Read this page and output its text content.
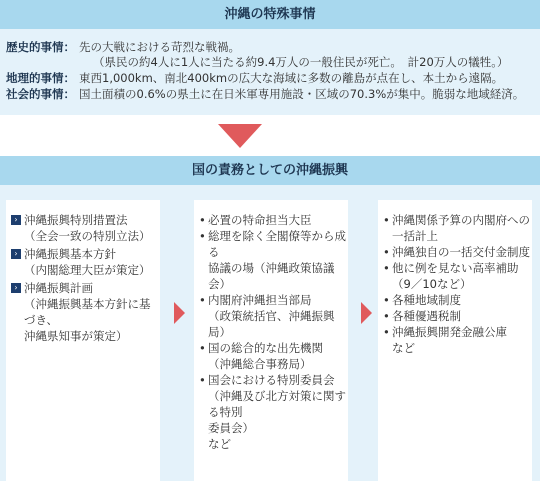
沖縄の特殊事情
歴史的事情： 先の大戦における苛烈な戦禍。
（県民の約4人に1人に当たる約9.4万人の一般住民が死亡。　計20万人の犠牲。）
地理的事情： 東西1,000km、南北400kmの広大な海域に多数の離島が点在し、本土から遠隔。
社会的事情： 国土面積の0.6%の県土に在日米軍専用施設・区域の70.3%が集中。脆弱な地域経済。
国の責務としての沖縄振興
› 沖縄振興特別措置法
（全会一致の特別立法）
› 沖縄振興基本方針
（内閣総理大臣が策定）
› 沖縄振興計画
（沖縄振興基本方針に基
づき、
沖縄県知事が策定）
• 必置の特命担当大臣
• 総理を除く全閣僚等から成
る
協議の場（沖縄政策協議
会）
• 内閣府沖縄担当部局
（政策統括官、沖縄振興
局）
• 国の総合的な出先機関
（沖縄総合事務局）
• 国会における特別委員会
（沖縄及び北方対策に関す
る特別
委員会）
など
• 沖縄関係予算の内閣府への
一括計上
• 沖縄独自の一括交付金制度
• 他に例を見ない高率補助
（9／10など）
• 各種地域制度
• 各種優遇税制
• 沖縄振興開発金融公庫
など
